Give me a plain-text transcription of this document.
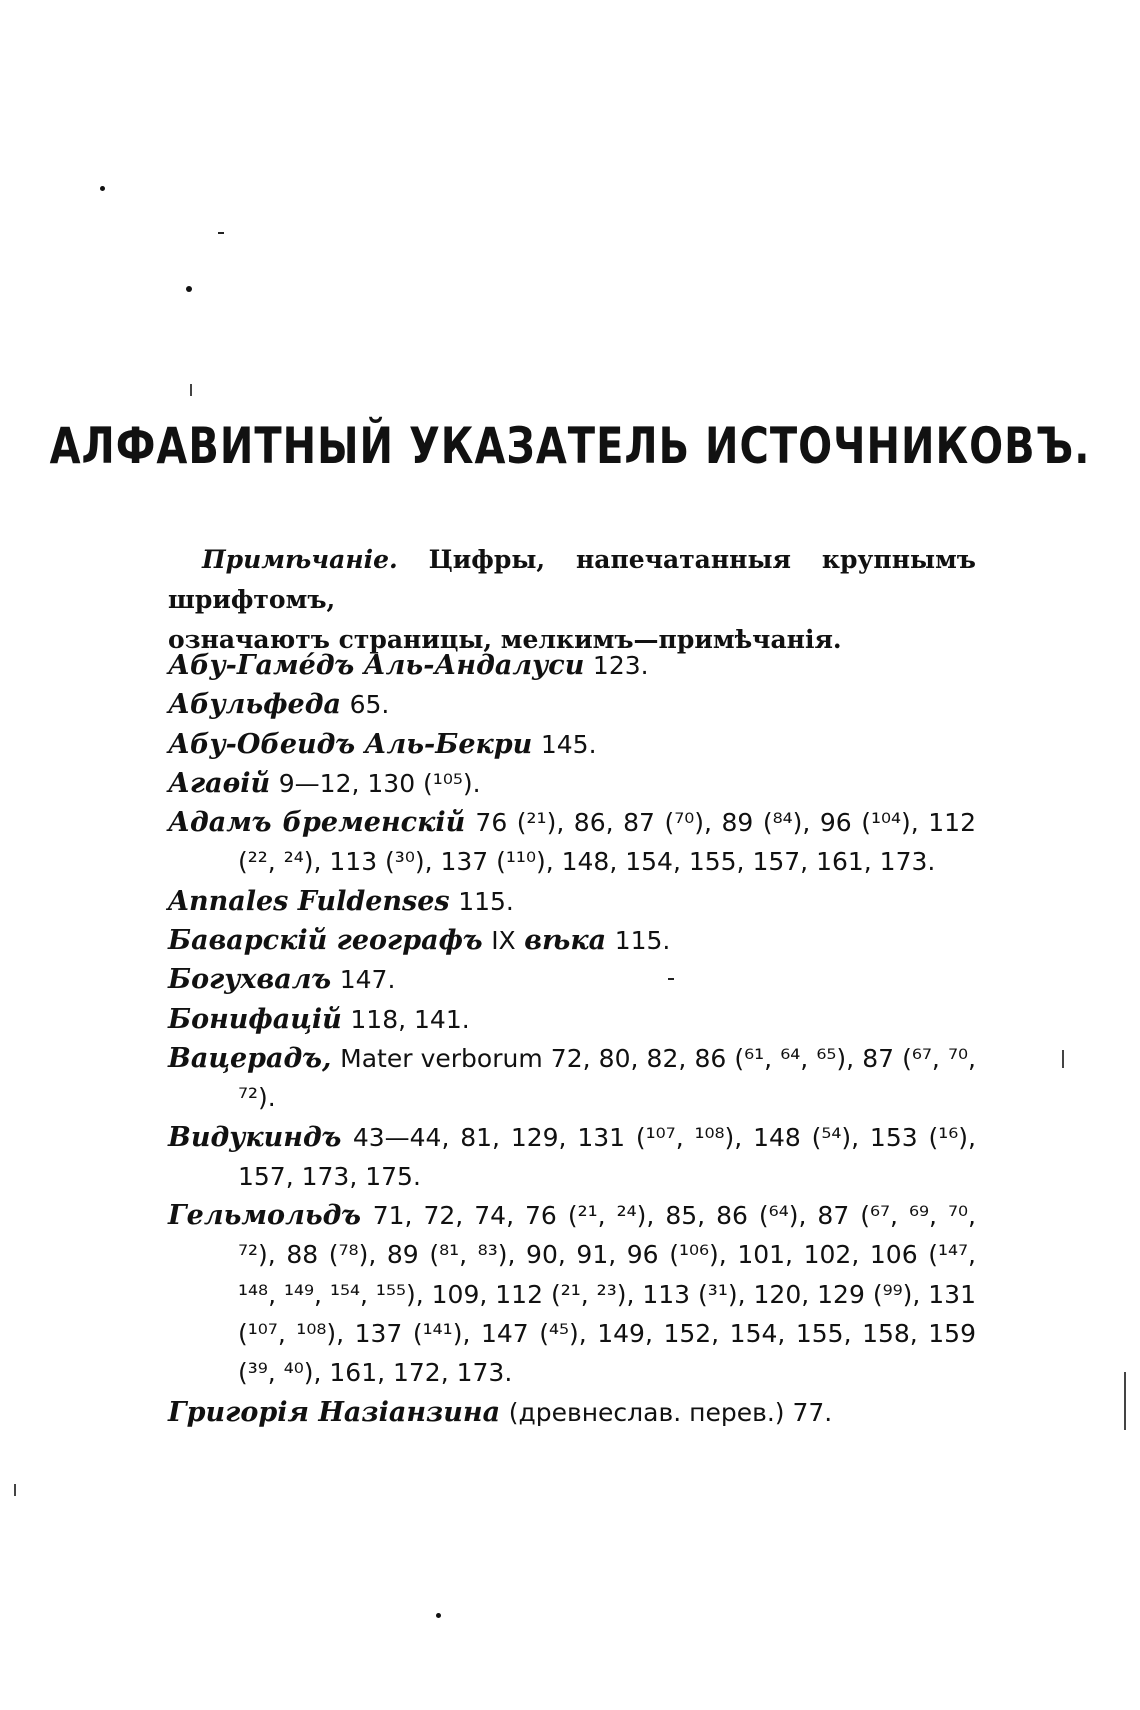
АЛФАВИТНЫЙ УКАЗАТЕЛЬ ИСТОЧНИКОВЪ.
Примѣчаніе. Цифры, напечатанныя крупнымъ шрифтомъ,
означаютъ страницы, мелкимъ—примѣчанія.
Абу-Гамéдъ Аль-Андалуси 123.
Абульфеда 65.
Абу-Обеидъ Аль-Бекри 145.
Агаѳій 9—12, 130 (¹⁰⁵).
Адамъ бременскій 76 (²¹), 86, 87 (⁷⁰), 89 (⁸⁴), 96 (¹⁰⁴), 112 (²², ²⁴), 113 (³⁰), 137 (¹¹⁰), 148, 154, 155, 157, 161, 173.
Annales Fuldenses 115.
Баварскій географъ IX вѣка 115.
Богухвалъ 147.
Бонифацій 118, 141.
Вацерадъ, Mater verborum 72, 80, 82, 86 (⁶¹, ⁶⁴, ⁶⁵), 87 (⁶⁷, ⁷⁰, ⁷²).
Видукиндъ 43—44, 81, 129, 131 (¹⁰⁷, ¹⁰⁸), 148 (⁵⁴), 153 (¹⁶), 157, 173, 175.
Гельмольдъ 71, 72, 74, 76 (²¹, ²⁴), 85, 86 (⁶⁴), 87 (⁶⁷, ⁶⁹, ⁷⁰, ⁷²), 88 (⁷⁸), 89 (⁸¹, ⁸³), 90, 91, 96 (¹⁰⁶), 101, 102, 106 (¹⁴⁷, ¹⁴⁸, ¹⁴⁹, ¹⁵⁴, ¹⁵⁵), 109, 112 (²¹, ²³), 113 (³¹), 120, 129 (⁹⁹), 131 (¹⁰⁷, ¹⁰⁸), 137 (¹⁴¹), 147 (⁴⁵), 149, 152, 154, 155, 158, 159 (³⁹, ⁴⁰), 161, 172, 173.
Григорія Назіанзина (древнеслав. перев.) 77.
